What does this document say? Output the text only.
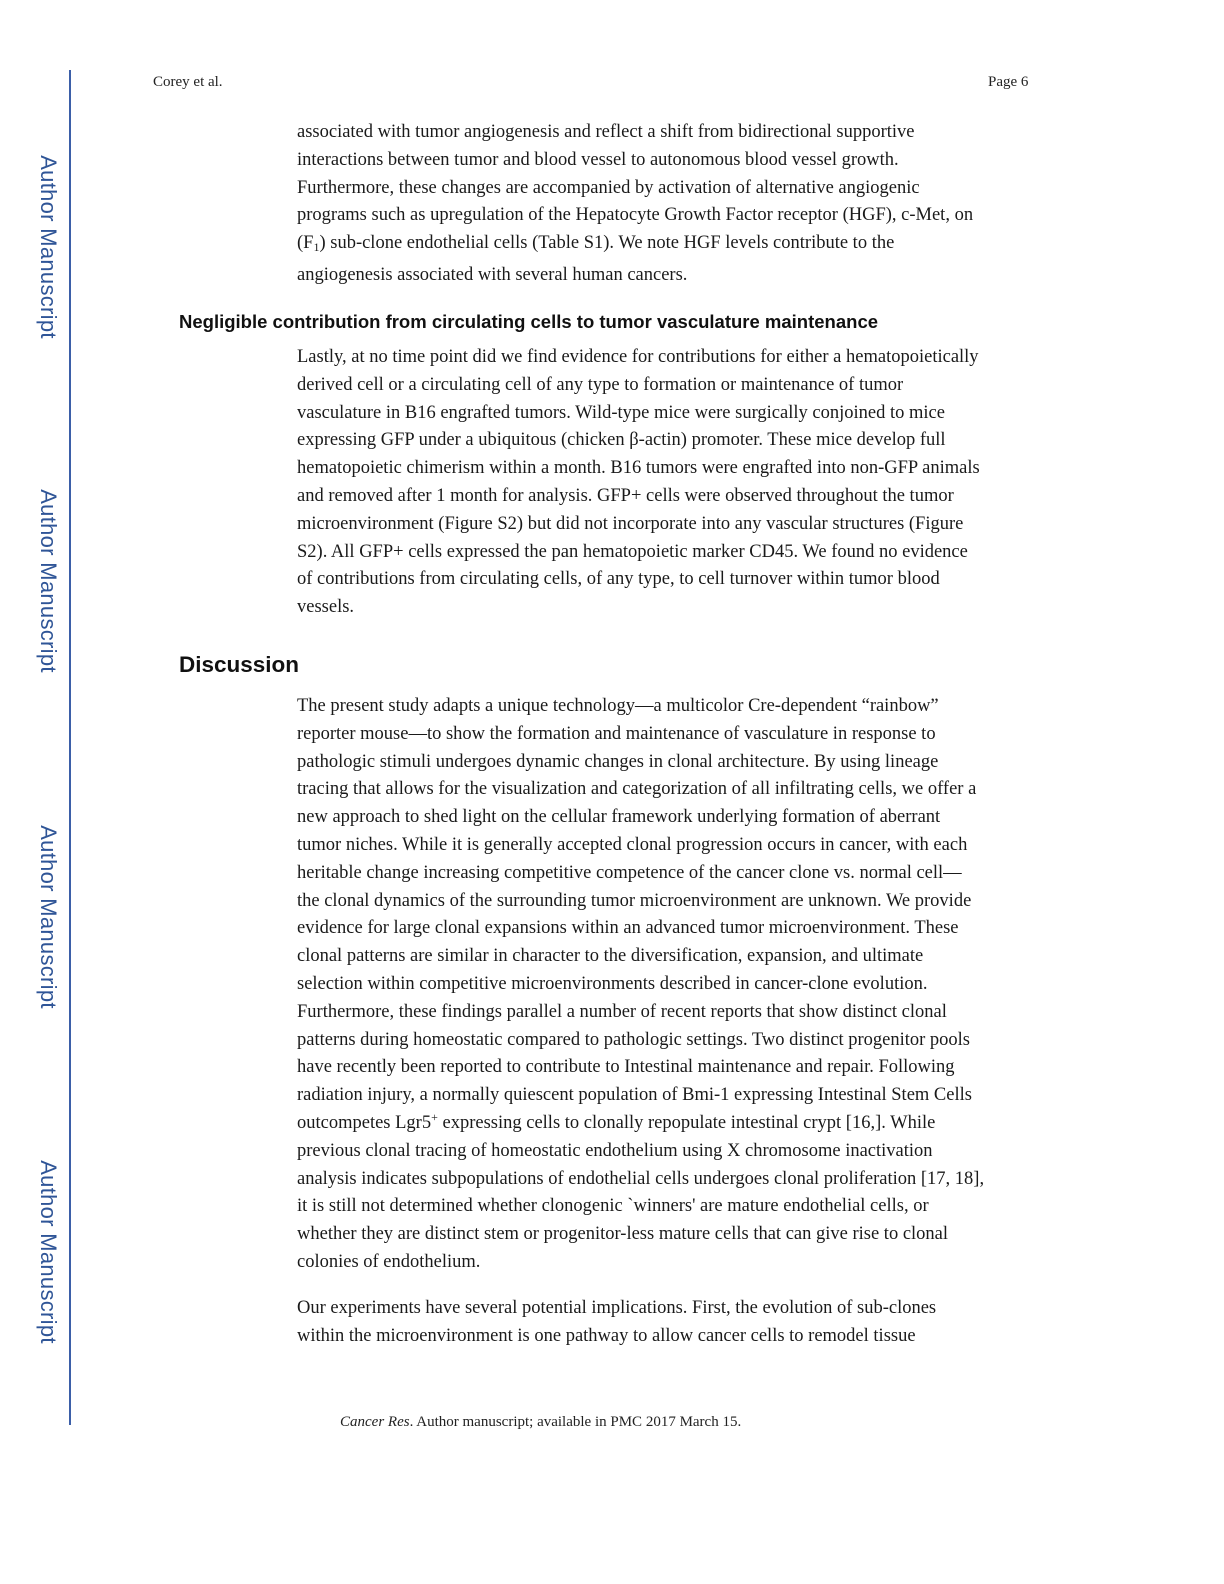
Author Manuscript
Author Manuscript
Author Manuscript
Author Manuscript
Corey et al.	Page 6

associated with tumor angiogenesis and reflect a shift from bidirectional supportive
interactions between tumor and blood vessel to autonomous blood vessel growth.
Furthermore, these changes are accompanied by activation of alternative angiogenic
programs such as upregulation of the Hepatocyte Growth Factor receptor (HGF), c-Met, on
$(F_1)$ sub-clone endothelial cells (Table S1). We note HGF levels contribute to the
angiogenesis associated with several human cancers.

Negligible contribution from circulating cells to tumor vasculature maintenance

Lastly, at no time point did we find evidence for contributions for either a hematopoietically
derived cell or a circulating cell of any type to formation or maintenance of tumor
vasculature in B16 engrafted tumors. Wild-type mice were surgically conjoined to mice
expressing GFP under a ubiquitous (chicken β-actin) promoter. These mice develop full
hematopoietic chimerism within a month. B16 tumors were engrafted into non-GFP animals
and removed after 1 month for analysis. GFP+ cells were observed throughout the tumor
microenvironment (Figure S2) but did not incorporate into any vascular structures (Figure
S2). All GFP+ cells expressed the pan hematopoietic marker CD45. We found no evidence
of contributions from circulating cells, of any type, to cell turnover within tumor blood
vessels.

Discussion

The present study adapts a unique technology—a multicolor Cre-dependent “rainbow”
reporter mouse—to show the formation and maintenance of vasculature in response to
pathologic stimuli undergoes dynamic changes in clonal architecture. By using lineage
tracing that allows for the visualization and categorization of all infiltrating cells, we offer a
new approach to shed light on the cellular framework underlying formation of aberrant
tumor niches. While it is generally accepted clonal progression occurs in cancer, with each
heritable change increasing competitive competence of the cancer clone vs. normal cell—
the clonal dynamics of the surrounding tumor microenvironment are unknown. We provide
evidence for large clonal expansions within an advanced tumor microenvironment. These
clonal patterns are similar in character to the diversification, expansion, and ultimate
selection within competitive microenvironments described in cancer-clone evolution.
Furthermore, these findings parallel a number of recent reports that show distinct clonal
patterns during homeostatic compared to pathologic settings. Two distinct progenitor pools
have recently been reported to contribute to Intestinal maintenance and repair. Following
radiation injury, a normally quiescent population of Bmi-1 expressing Intestinal Stem Cells
outcompetes Lgr5+ expressing cells to clonally repopulate intestinal crypt [16,]. While
previous clonal tracing of homeostatic endothelium using X chromosome inactivation
analysis indicates subpopulations of endothelial cells undergoes clonal proliferation [17, 18],
it is still not determined whether clonogenic `winners' are mature endothelial cells, or
whether they are distinct stem or progenitor-less mature cells that can give rise to clonal
colonies of endothelium.

Our experiments have several potential implications. First, the evolution of sub-clones
within the microenvironment is one pathway to allow cancer cells to remodel tissue

Cancer Res. Author manuscript; available in PMC 2017 March 15.
